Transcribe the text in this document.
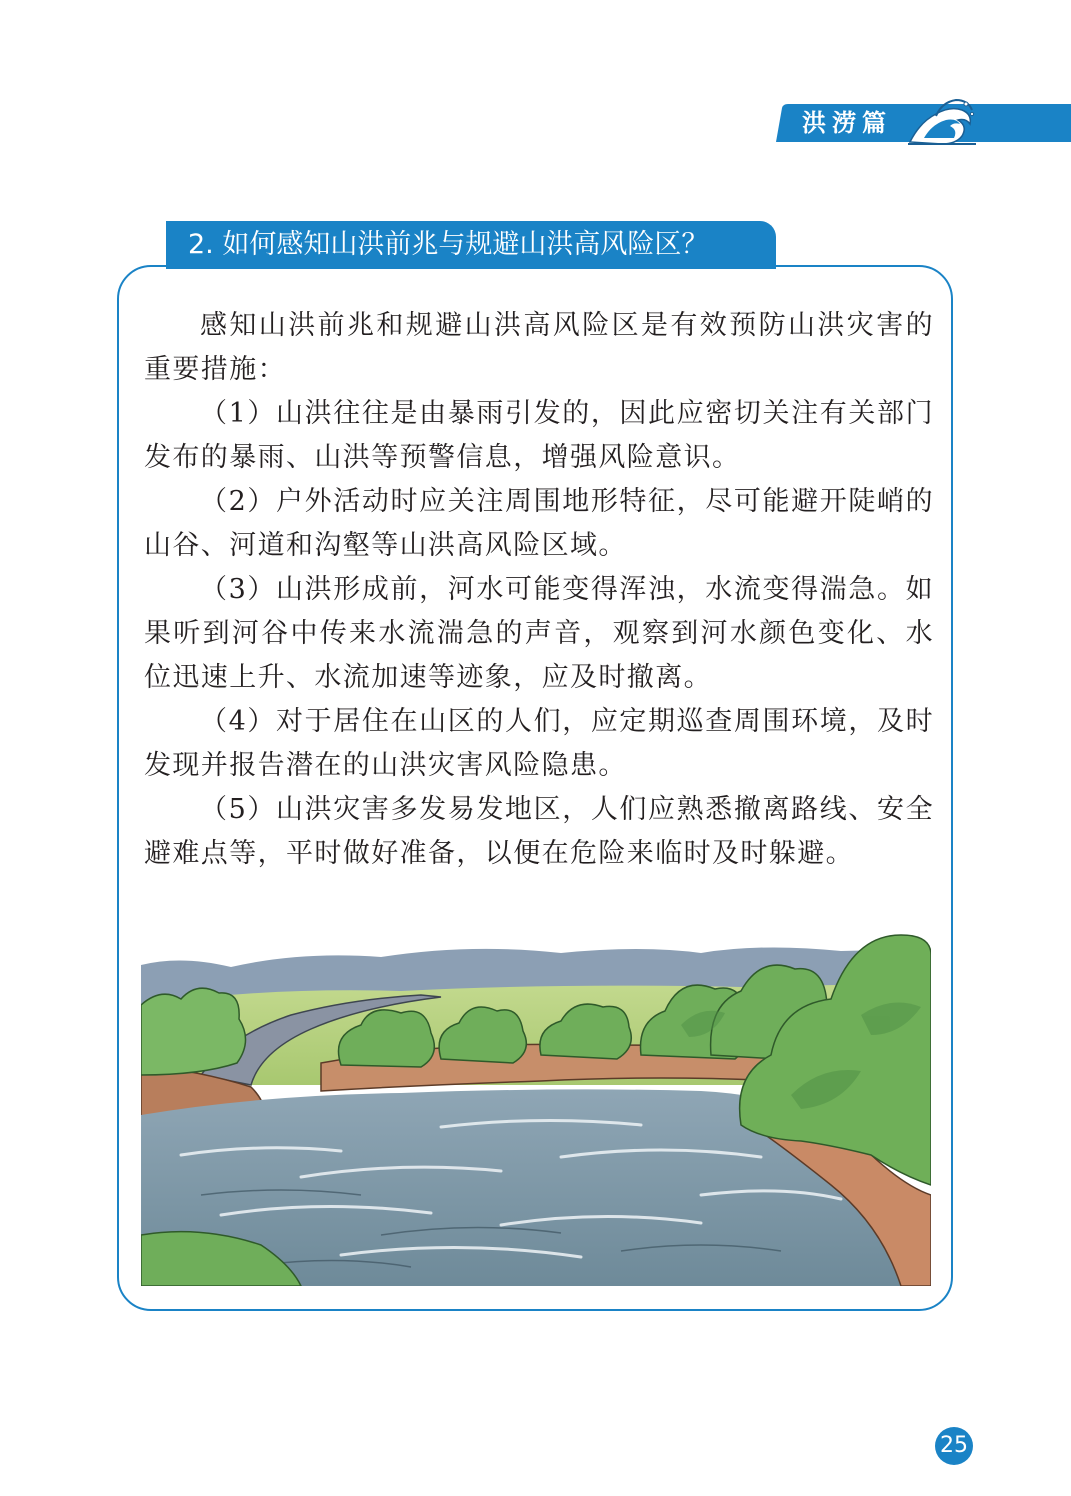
洪涝篇
2. 如何感知山洪前兆与规避山洪高风险区？

感知山洪前兆和规避山洪高风险区是有效预防山洪灾害的重要措施：

（1）山洪往往是由暴雨引发的，因此应密切关注有关部门发布的暴雨、山洪等预警信息，增强风险意识。

（2）户外活动时应关注周围地形特征，尽可能避开陡峭的山谷、河道和沟壑等山洪高风险区域。

（3）山洪形成前，河水可能变得浑浊，水流变得湍急。如果听到河谷中传来水流湍急的声音，观察到河水颜色变化、水位迅速上升、水流加速等迹象，应及时撤离。

（4）对于居住在山区的人们，应定期巡查周围环境，及时发现并报告潜在的山洪灾害风险隐患。

（5）山洪灾害多发易发地区，人们应熟悉撤离路线、安全避难点等，平时做好准备，以便在危险来临时及时躲避。

25
